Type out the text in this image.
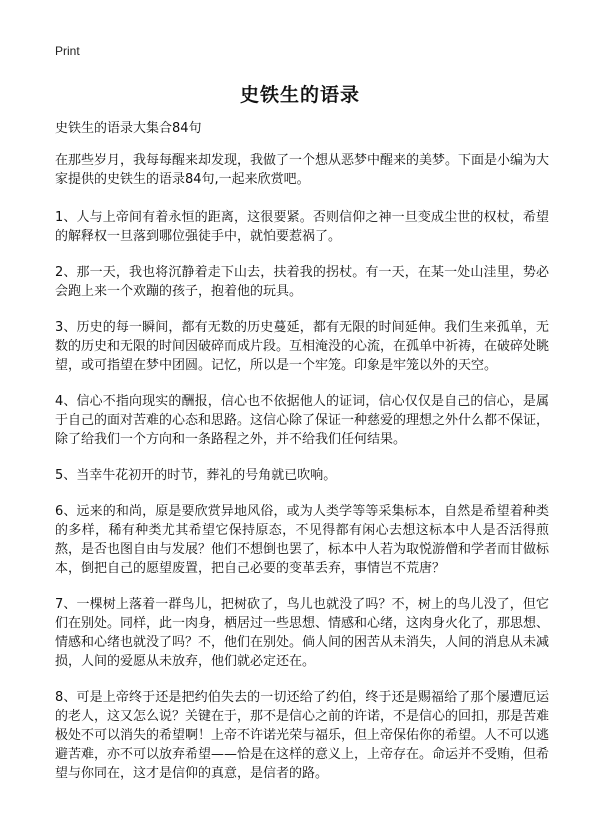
Print
史铁生的语录

史铁生的语录大集合84句

在那些岁月，我每每醒来却发现，我做了一个想从恶梦中醒来的美梦。下面是小编为大家提供的史铁生的语录84句,一起来欣赏吧。

1、人与上帝间有着永恒的距离，这很要紧。否则信仰之神一旦变成尘世的权杖，希望的解释权一旦落到哪位强徒手中，就怕要惹祸了。

2、那一天，我也将沉静着走下山去，扶着我的拐杖。有一天，在某一处山洼里，势必会跑上来一个欢蹦的孩子，抱着他的玩具。

3、历史的每一瞬间，都有无数的历史蔓延，都有无限的时间延伸。我们生来孤单，无数的历史和无限的时间因破碎而成片段。互相淹没的心流，在孤单中祈祷，在破碎处眺望，或可指望在梦中团圆。记忆，所以是一个牢笼。印象是牢笼以外的天空。

4、信心不指向现实的酬报，信心也不依据他人的证词，信心仅仅是自己的信心，是属于自己的面对苦难的心态和思路。这信心除了保证一种慈爱的理想之外什么都不保证，除了给我们一个方向和一条路程之外，并不给我们任何结果。

5、当幸牛花初开的时节，葬礼的号角就已吹响。

6、远来的和尚，原是要欣赏异地风俗，或为人类学等等采集标本，自然是希望着种类的多样，稀有种类尤其希望它保持原态，不见得都有闲心去想这标本中人是否活得煎熬，是否也图自由与发展？他们不想倒也罢了，标本中人若为取悦游僧和学者而甘做标本，倒把自己的愿望废置，把自己必要的变革丢弃，事情岂不荒唐？

7、一棵树上落着一群鸟儿，把树砍了，鸟儿也就没了吗？不，树上的鸟儿没了，但它们在别处。同样，此一肉身，栖居过一些思想、情感和心绪，这肉身火化了，那思想、情感和心绪也就没了吗？不，他们在别处。倘人间的困苦从未消失，人间的消息从未减损，人间的爱愿从未放弃，他们就必定还在。

8、可是上帝终于还是把约伯失去的一切还给了约伯，终于还是赐福给了那个屡遭厄运的老人，这又怎么说？关键在于，那不是信心之前的许诺，不是信心的回扣，那是苦难极处不可以消失的希望啊！上帝不许诺光荣与福乐，但上帝保佑你的希望。人不可以逃避苦难，亦不可以放弃希望——恰是在这样的意义上，上帝存在。命运并不受贿，但希望与你同在，这才是信仰的真意，是信者的路。
